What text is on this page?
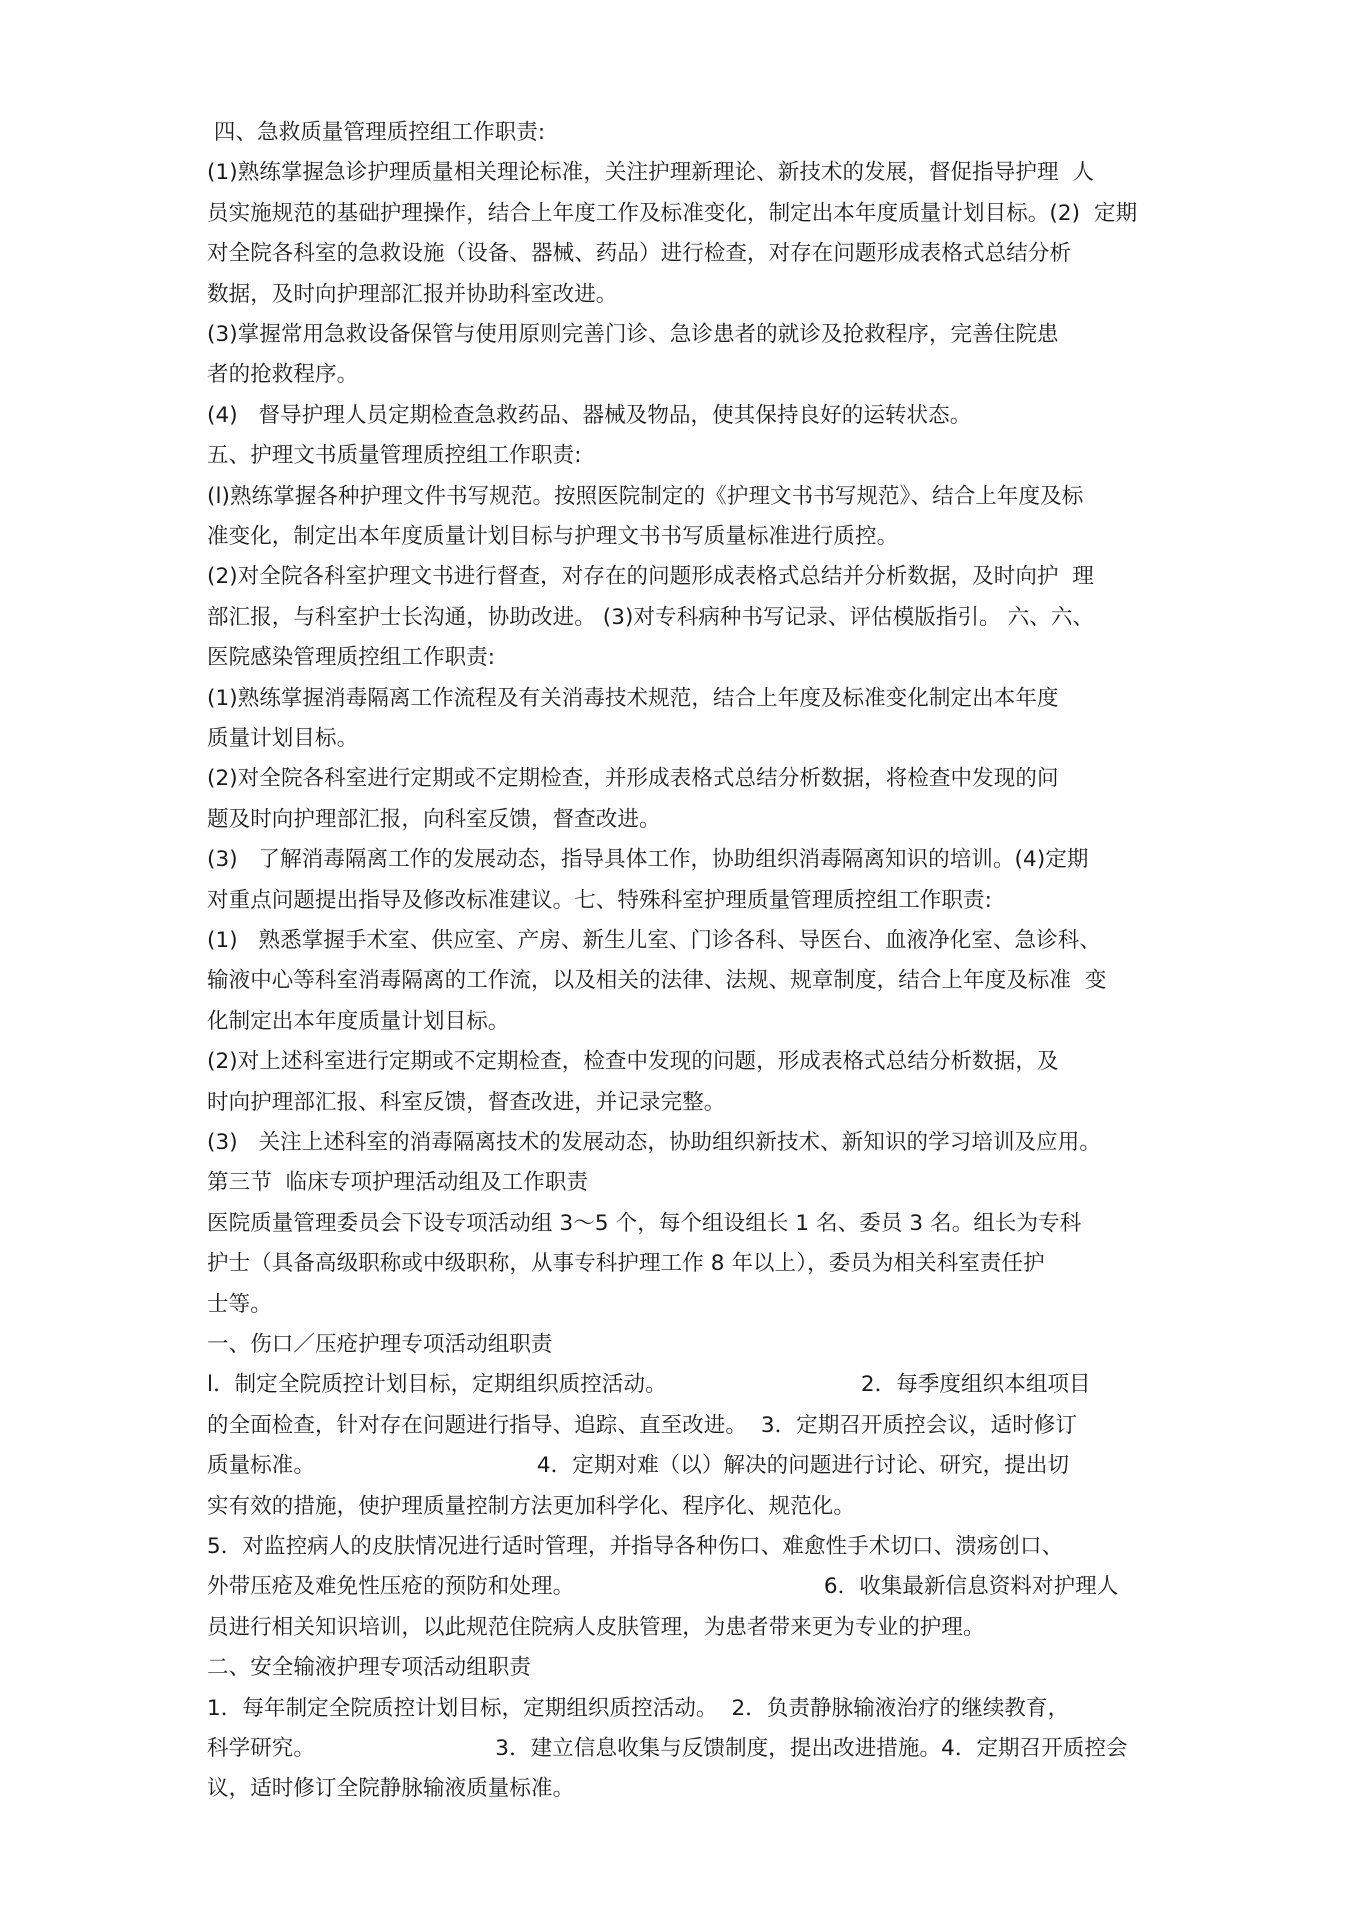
四、急救质量管理质控组工作职责:
(1)熟练掌握急诊护理质量相关理论标准，关注护理新理论、新技术的发展，督促指导护理  人
员实施规范的基础护理操作，结合上年度工作及标准变化，制定出本年度质量计划目标。(2)  定期
对全院各科室的急救设施（设备、器械、药品）进行检查，对存在问题形成表格式总结分析
数据，及时向护理部汇报并协助科室改进。
(3)掌握常用急救设备保管与使用原则完善门诊、急诊患者的就诊及抢救程序，完善住院患
者的抢救程序。
(4)   督导护理人员定期检查急救药品、器械及物品，使其保持良好的运转状态。
五、护理文书质量管理质控组工作职责:
(l)熟练掌握各种护理文件书写规范。按照医院制定的《护理文书书写规范》、结合上年度及标
准变化，制定出本年度质量计划目标与护理文书书写质量标准进行质控。
(2)对全院各科室护理文书进行督查，对存在的问题形成表格式总结并分析数据，及时向护  理
部汇报，与科室护士长沟通，协助改进。 (3)对专科病种书写记录、评估模版指引。 六、六、
医院感染管理质控组工作职责:
(1)熟练掌握消毒隔离工作流程及有关消毒技术规范，结合上年度及标准变化制定出本年度
质量计划目标。
(2)对全院各科室进行定期或不定期检查，并形成表格式总结分析数据，将检查中发现的问
题及时向护理部汇报，向科室反馈，督查改进。
(3)   了解消毒隔离工作的发展动态，指导具体工作，协助组织消毒隔离知识的培训。(4)定期
对重点问题提出指导及修改标准建议。七、特殊科室护理质量管理质控组工作职责:
(1)   熟悉掌握手术室、供应室、产房、新生儿室、门诊各科、导医台、血液净化室、急诊科、
输液中心等科室消毒隔离的工作流，以及相关的法律、法规、规章制度，结合上年度及标准  变
化制定出本年度质量计划目标。
(2)对上述科室进行定期或不定期检查，检查中发现的问题，形成表格式总结分析数据，及
时向护理部汇报、科室反馈，督查改进，并记录完整。
(3)   关注上述科室的消毒隔离技术的发展动态，协助组织新技术、新知识的学习培训及应用。
第三节  临床专项护理活动组及工作职责
医院质量管理委员会下设专项活动组 3～5 个，每个组设组长 1 名、委员 3 名。组长为专科
护士（具备高级职称或中级职称，从事专科护理工作 8 年以上），委员为相关科室责任护
士等。
一、伤口／压疮护理专项活动组职责
l．制定全院质控计划目标，定期组织质控活动。                            2．每季度组织本组项目
的全面检查，针对存在问题进行指导、追踪、直至改进。  3．定期召开质控会议，适时修订
质量标准。                                4．定期对难（以）解决的问题进行讨论、研究，提出切
实有效的措施，使护理质量控制方法更加科学化、程序化、规范化。
5．对监控病人的皮肤情况进行适时管理，并指导各种伤口、难愈性手术切口、溃疡创口、
外带压疮及难免性压疮的预防和处理。                                    6．收集最新信息资料对护理人
员进行相关知识培训，以此规范住院病人皮肤管理，为患者带来更为专业的护理。
二、安全输液护理专项活动组职责
1．每年制定全院质控计划目标，定期组织质控活动。  2．负责静脉输液治疗的继续教育，
科学研究。                          3．建立信息收集与反馈制度，提出改进措施。4．定期召开质控会
议，适时修订全院静脉输液质量标准。
